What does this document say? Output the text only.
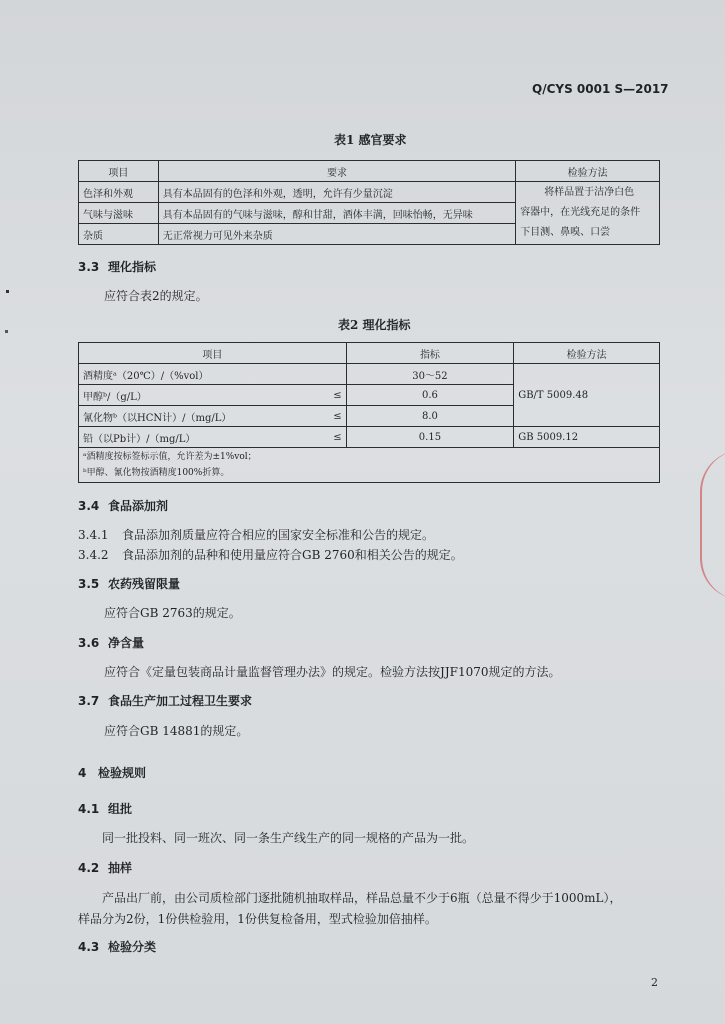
Q/CYS 0001 S—2017
表1 感官要求
项目	要求	检验方法
色泽和外观	具有本品固有的色泽和外观，透明，允许有少量沉淀	将样品置于洁净白色
容器中，在光线充足的条件
下目测、鼻嗅、口尝

气味与滋味	具有本品固有的气味与滋味，醇和甘甜，酒体丰满，回味怡畅，无异味	
杂质	无正常视力可见外来杂质	
3.3 理化指标
应符合表2的规定。
表2 理化指标
项目		指标	检验方法
酒精度ᵃ（20℃）/（%vol）		30～52	GB/T 5009.48
甲醇ᵇ/（g/L）	≤	0.6	
氰化物ᵇ（以HCN计）/（mg/L）	≤	8.0	
铅（以Pb计）/（mg/L）	≤	0.15	GB 5009.12

ᵃ酒精度按标签标示值，允许差为±1%vol；
ᵇ甲醇、氰化物按酒精度100%折算。			
3.4 食品添加剂
3.4.1 食品添加剂质量应符合相应的国家安全标准和公告的规定。
3.4.2 食品添加剂的品种和使用量应符合GB 2760和相关公告的规定。
3.5 农药残留限量
应符合GB 2763的规定。
3.6 净含量
应符合《定量包装商品计量监督管理办法》的规定。检验方法按JJF1070规定的方法。
3.7 食品生产加工过程卫生要求
应符合GB 14881的规定。
4 检验规则
4.1 组批
同一批投料、同一班次、同一条生产线生产的同一规格的产品为一批。
4.2 抽样
产品出厂前，由公司质检部门逐批随机抽取样品，样品总量不少于6瓶（总量不得少于1000mL），
样品分为2份，1份供检验用，1份供复检备用，型式检验加倍抽样。
4.3 检验分类
2
